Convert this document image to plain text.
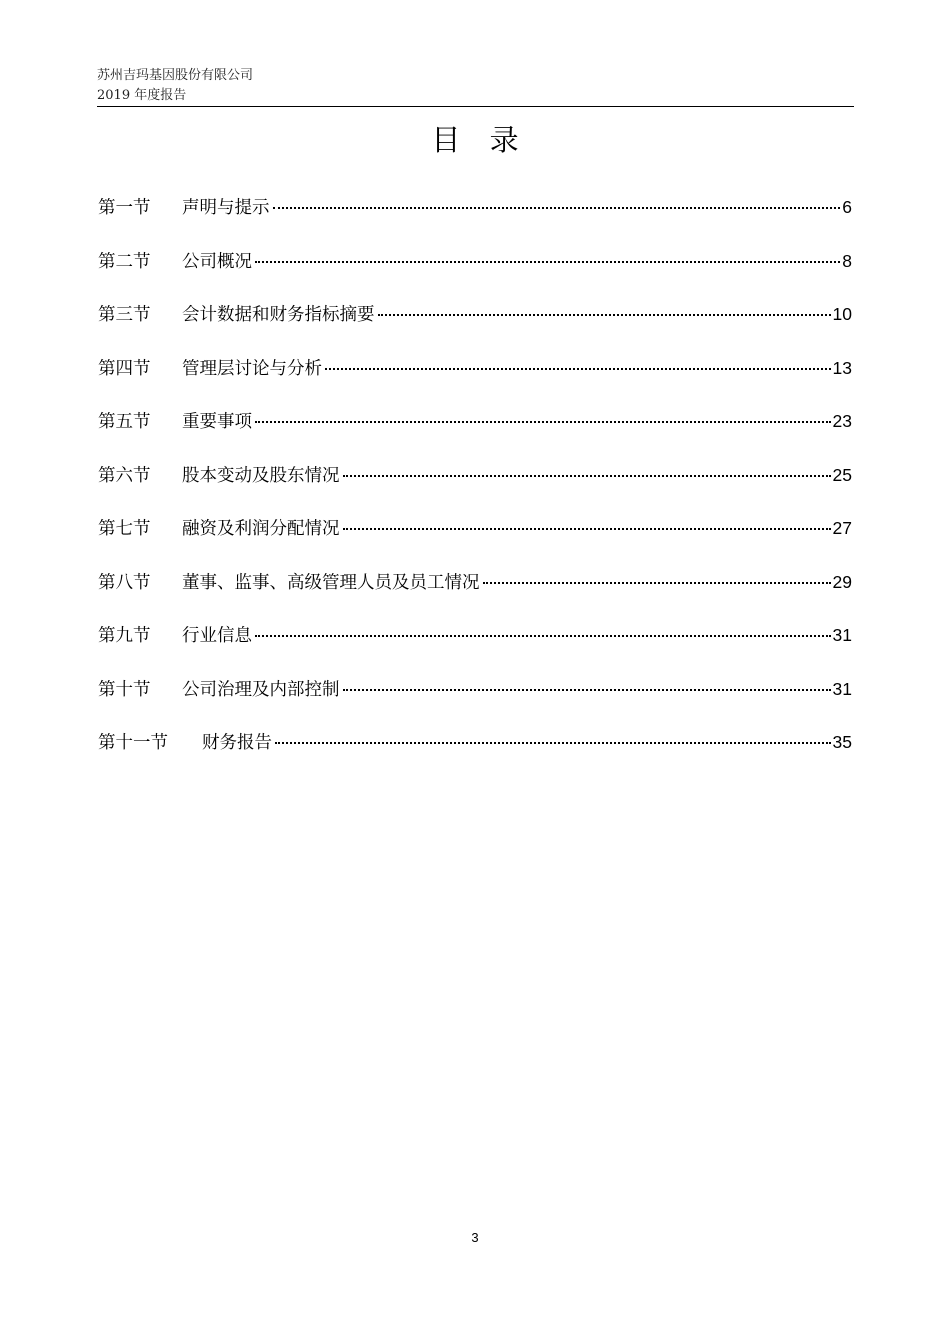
苏州吉玛基因股份有限公司
2019 年度报告
目 录
第一节	声明与提示	6
第二节	公司概况	8
第三节	会计数据和财务指标摘要	10
第四节	管理层讨论与分析	13
第五节	重要事项	23
第六节	股本变动及股东情况	25
第七节	融资及利润分配情况	27
第八节	董事、监事、高级管理人员及员工情况	29
第九节	行业信息	31
第十节	公司治理及内部控制	31
第十一节	财务报告	35
3
